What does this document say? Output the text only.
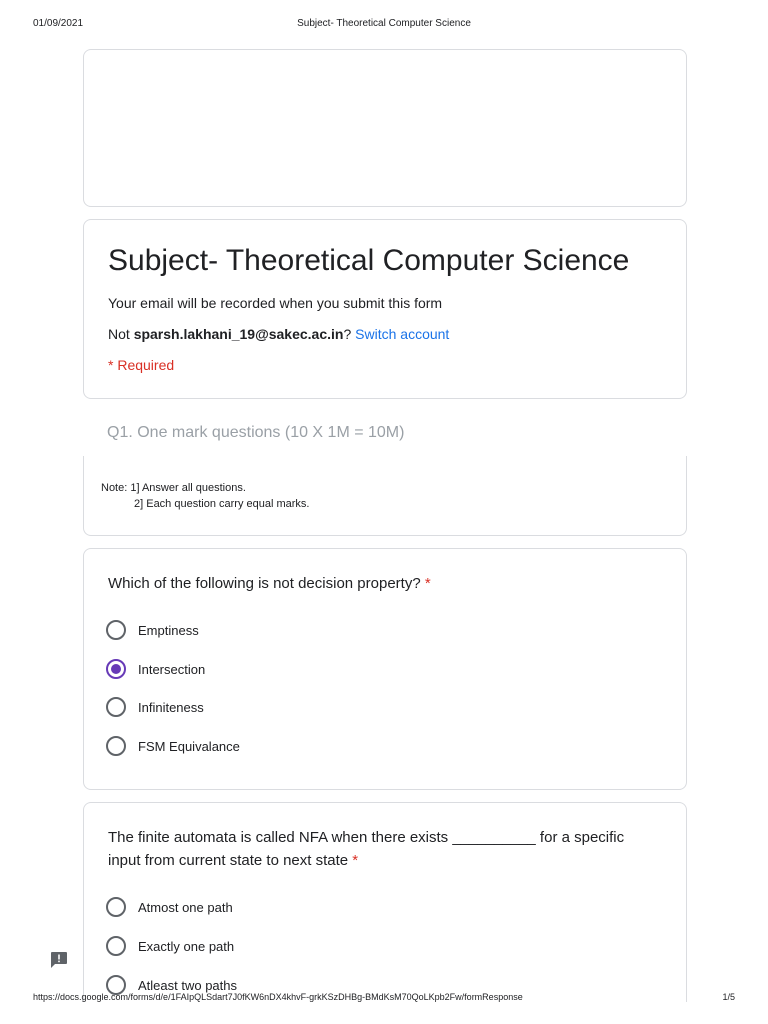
01/09/2021	Subject- Theoretical Computer Science
Subject- Theoretical Computer Science
Your email will be recorded when you submit this form
Not sparsh.lakhani_19@sakec.ac.in? Switch account
* Required
Q1. One mark questions (10 X 1M = 10M)
Note: 1] Answer all questions.
2] Each question carry equal marks.
Which of the following is not decision property? *
Emptiness
Intersection
Infiniteness
FSM Equivalance
The finite automata is called NFA when there exists __________ for a specific input from current state to next state *
Atmost one path
Exactly one path
Atleast two paths
https://docs.google.com/forms/d/e/1FAIpQLSdart7J0fKW6nDX4khvF-grkKSzDHBg-BMdKsM70QoLKpb2Fw/formResponse	1/5
